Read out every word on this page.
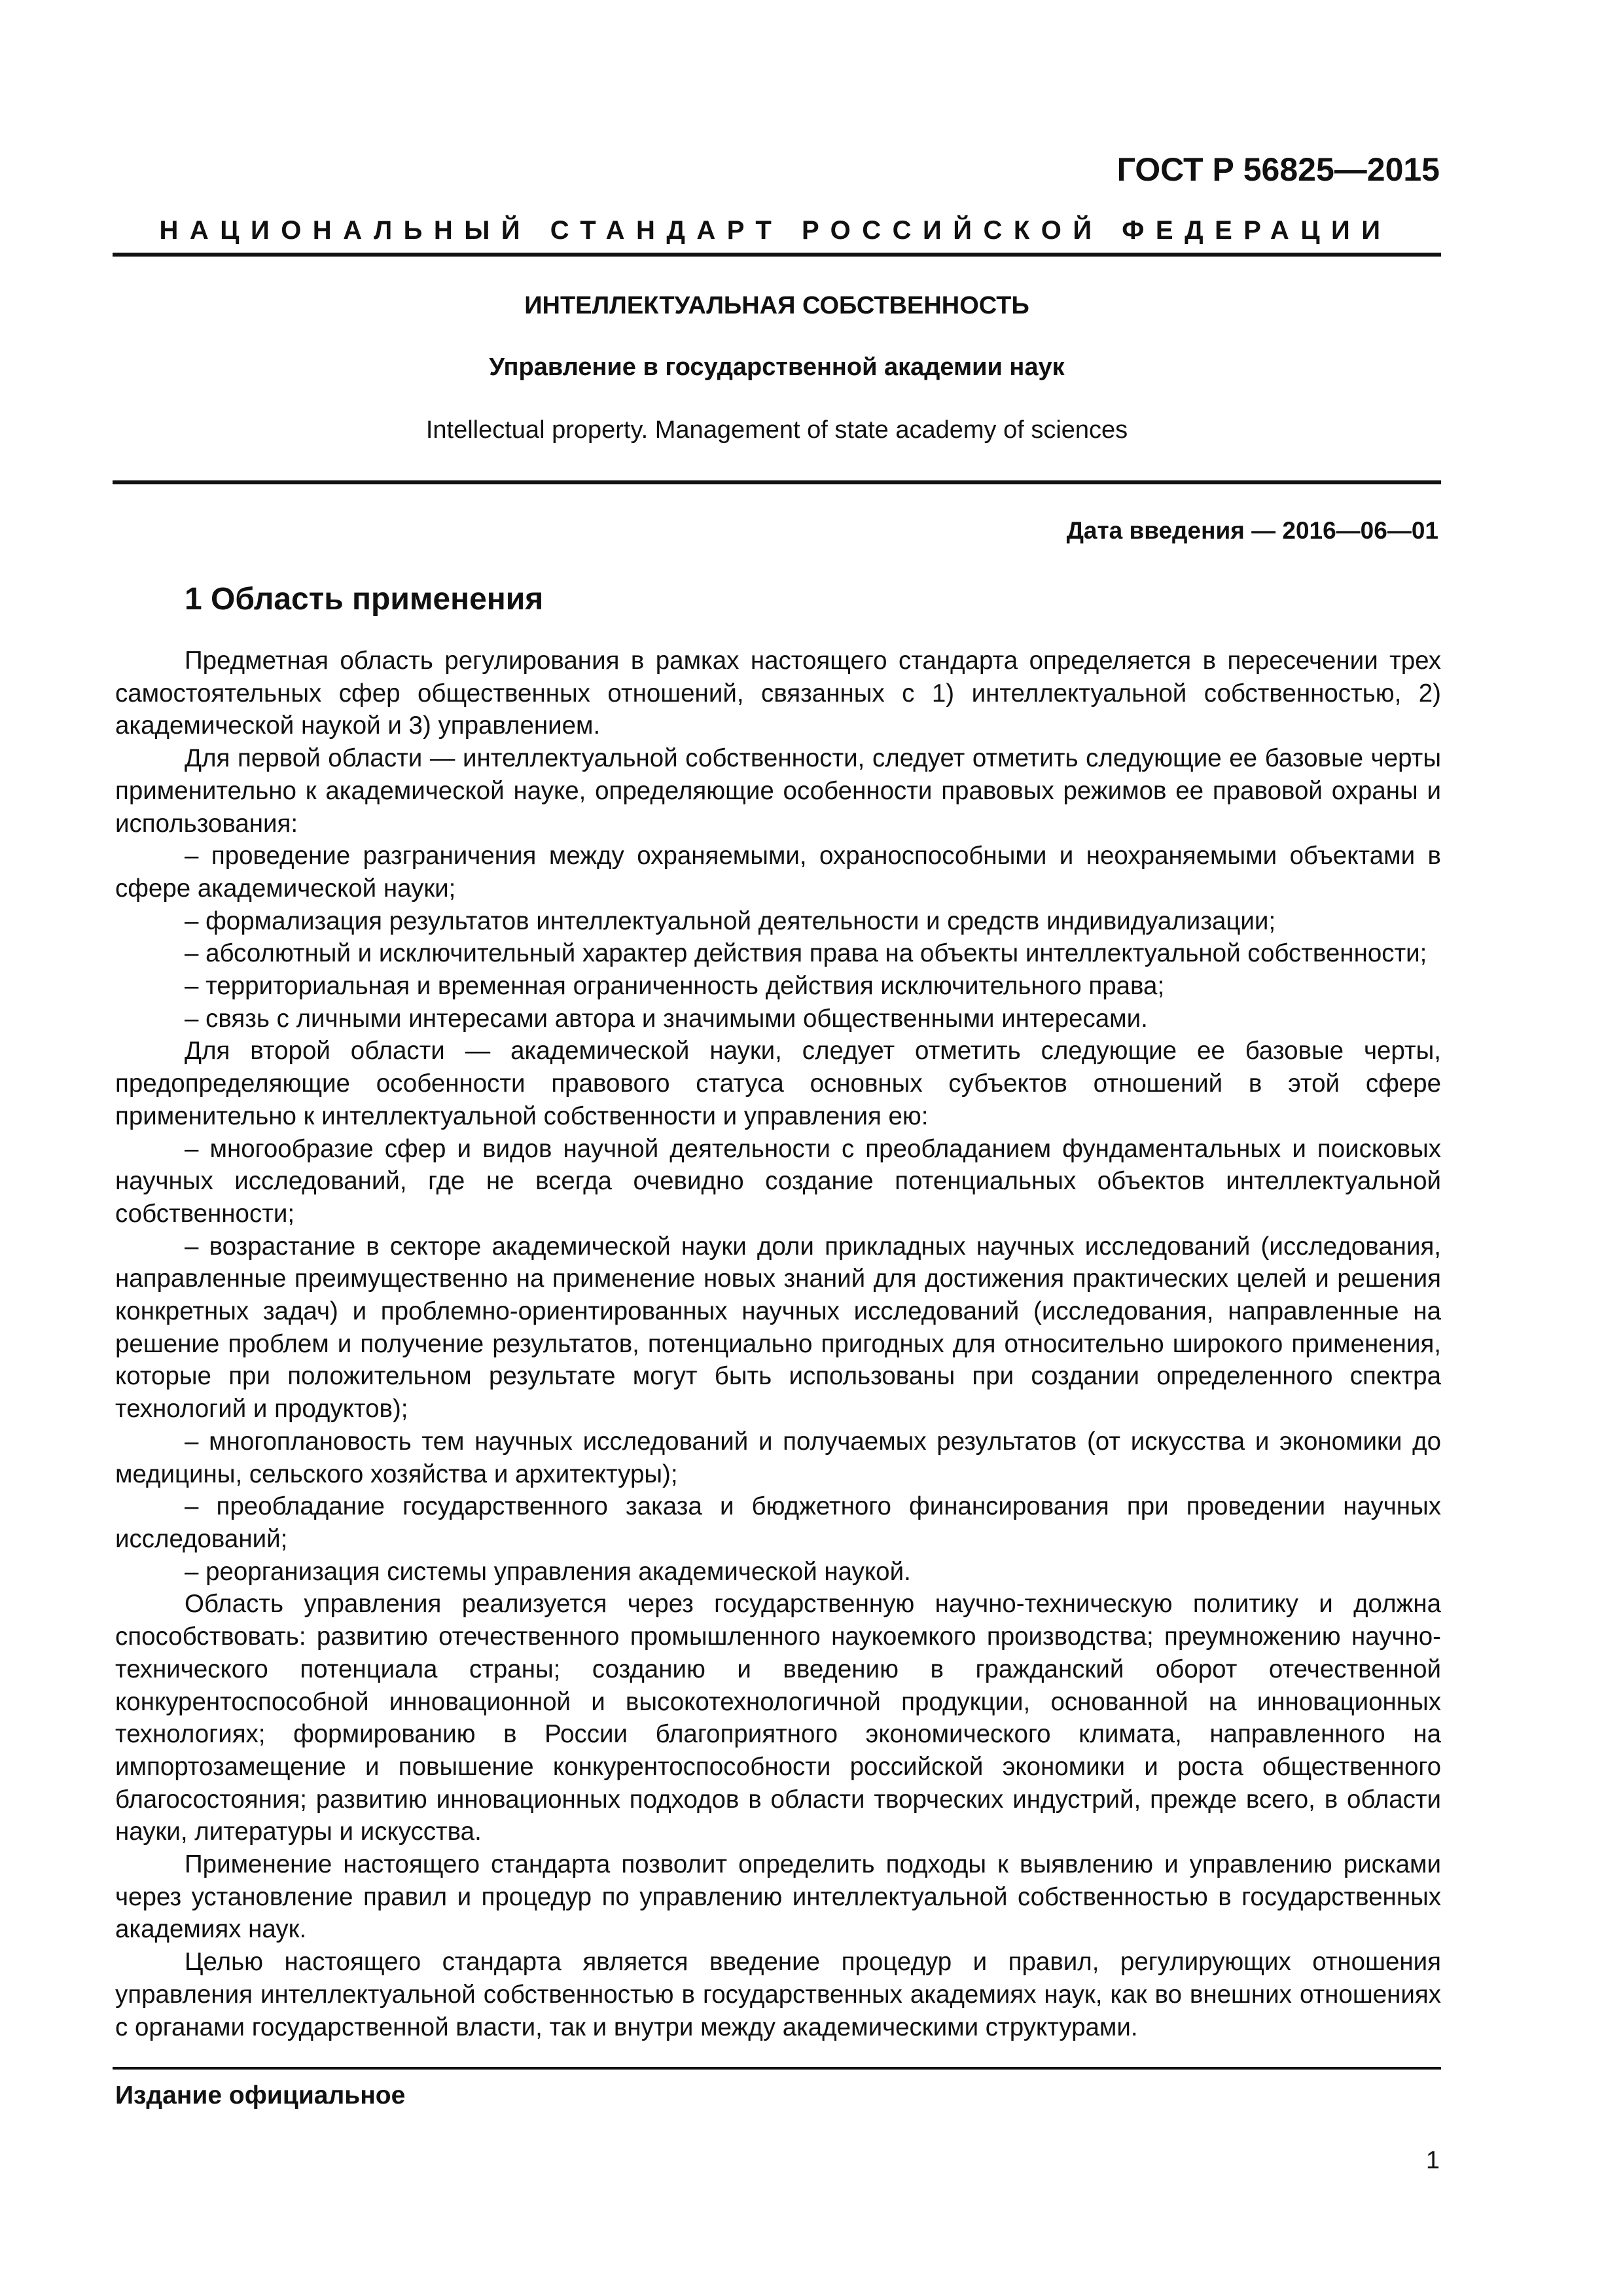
ГОСТ Р 56825—2015
НАЦИОНАЛЬНЫЙ СТАНДАРТ РОССИЙСКОЙ ФЕДЕРАЦИИ
ИНТЕЛЛЕКТУАЛЬНАЯ СОБСТВЕННОСТЬ
Управление в государственной академии наук
Intellectual property. Management of state academy of sciences
Дата введения — 2016—06—01
1 Область применения

Предметная область регулирования в рамках настоящего стандарта определяется в пересечении трех самостоятельных сфер общественных отношений, связанных с 1) интеллектуальной собственностью, 2) академической наукой и 3) управлением.

Для первой области — интеллектуальной собственности, следует отметить следующие ее базовые черты применительно к академической науке, определяющие особенности правовых режимов ее правовой охраны и использования:

– проведение разграничения между охраняемыми, охраноспособными и неохраняемыми объектами в сфере академической науки;

– формализация результатов интеллектуальной деятельности и средств индивидуализации;

– абсолютный и исключительный характер действия права на объекты интеллектуальной собственности;

– территориальная и временная ограниченность действия исключительного права;

– связь с личными интересами автора и значимыми общественными интересами.

Для второй области — академической науки, следует отметить следующие ее базовые черты, предопределяющие особенности правового статуса основных субъектов отношений в этой сфере применительно к интеллектуальной собственности и управления ею:

– многообразие сфер и видов научной деятельности с преобладанием фундаментальных и поисковых научных исследований, где не всегда очевидно создание потенциальных объектов интеллектуальной собственности;

– возрастание в секторе академической науки доли прикладных научных исследований (исследования, направленные преимущественно на применение новых знаний для достижения практических целей и решения конкретных задач) и проблемно-ориентированных научных исследований (исследования, направленные на решение проблем и получение результатов, потенциально пригодных для относительно широкого применения, которые при положительном результате могут быть использованы при создании определенного спектра технологий и продуктов);

– многоплановость тем научных исследований и получаемых результатов (от искусства и экономики до медицины, сельского хозяйства и архитектуры);

– преобладание государственного заказа и бюджетного финансирования при проведении научных исследований;

– реорганизация системы управления академической наукой.

Область управления реализуется через государственную научно-техническую политику и должна способствовать: развитию отечественного промышленного наукоемкого производства; преумножению научно-технического потенциала страны; созданию и введению в гражданский оборот отечественной конкурентоспособной инновационной и высокотехнологичной продукции, основанной на инновационных технологиях; формированию в России благоприятного экономического климата, направленного на импортозамещение и повышение конкурентоспособности российской экономики и роста общественного благосостояния; развитию инновационных подходов в области творческих индустрий, прежде всего, в области науки, литературы и искусства.

Применение настоящего стандарта позволит определить подходы к выявлению и управлению рисками через установление правил и процедур по управлению интеллектуальной собственностью в государственных академиях наук.

Целью настоящего стандарта является введение процедур и правил, регулирующих отношения управления интеллектуальной собственностью в государственных академиях наук, как во внешних отношениях с органами государственной власти, так и внутри между академическими структурами.

Издание официальное
1
